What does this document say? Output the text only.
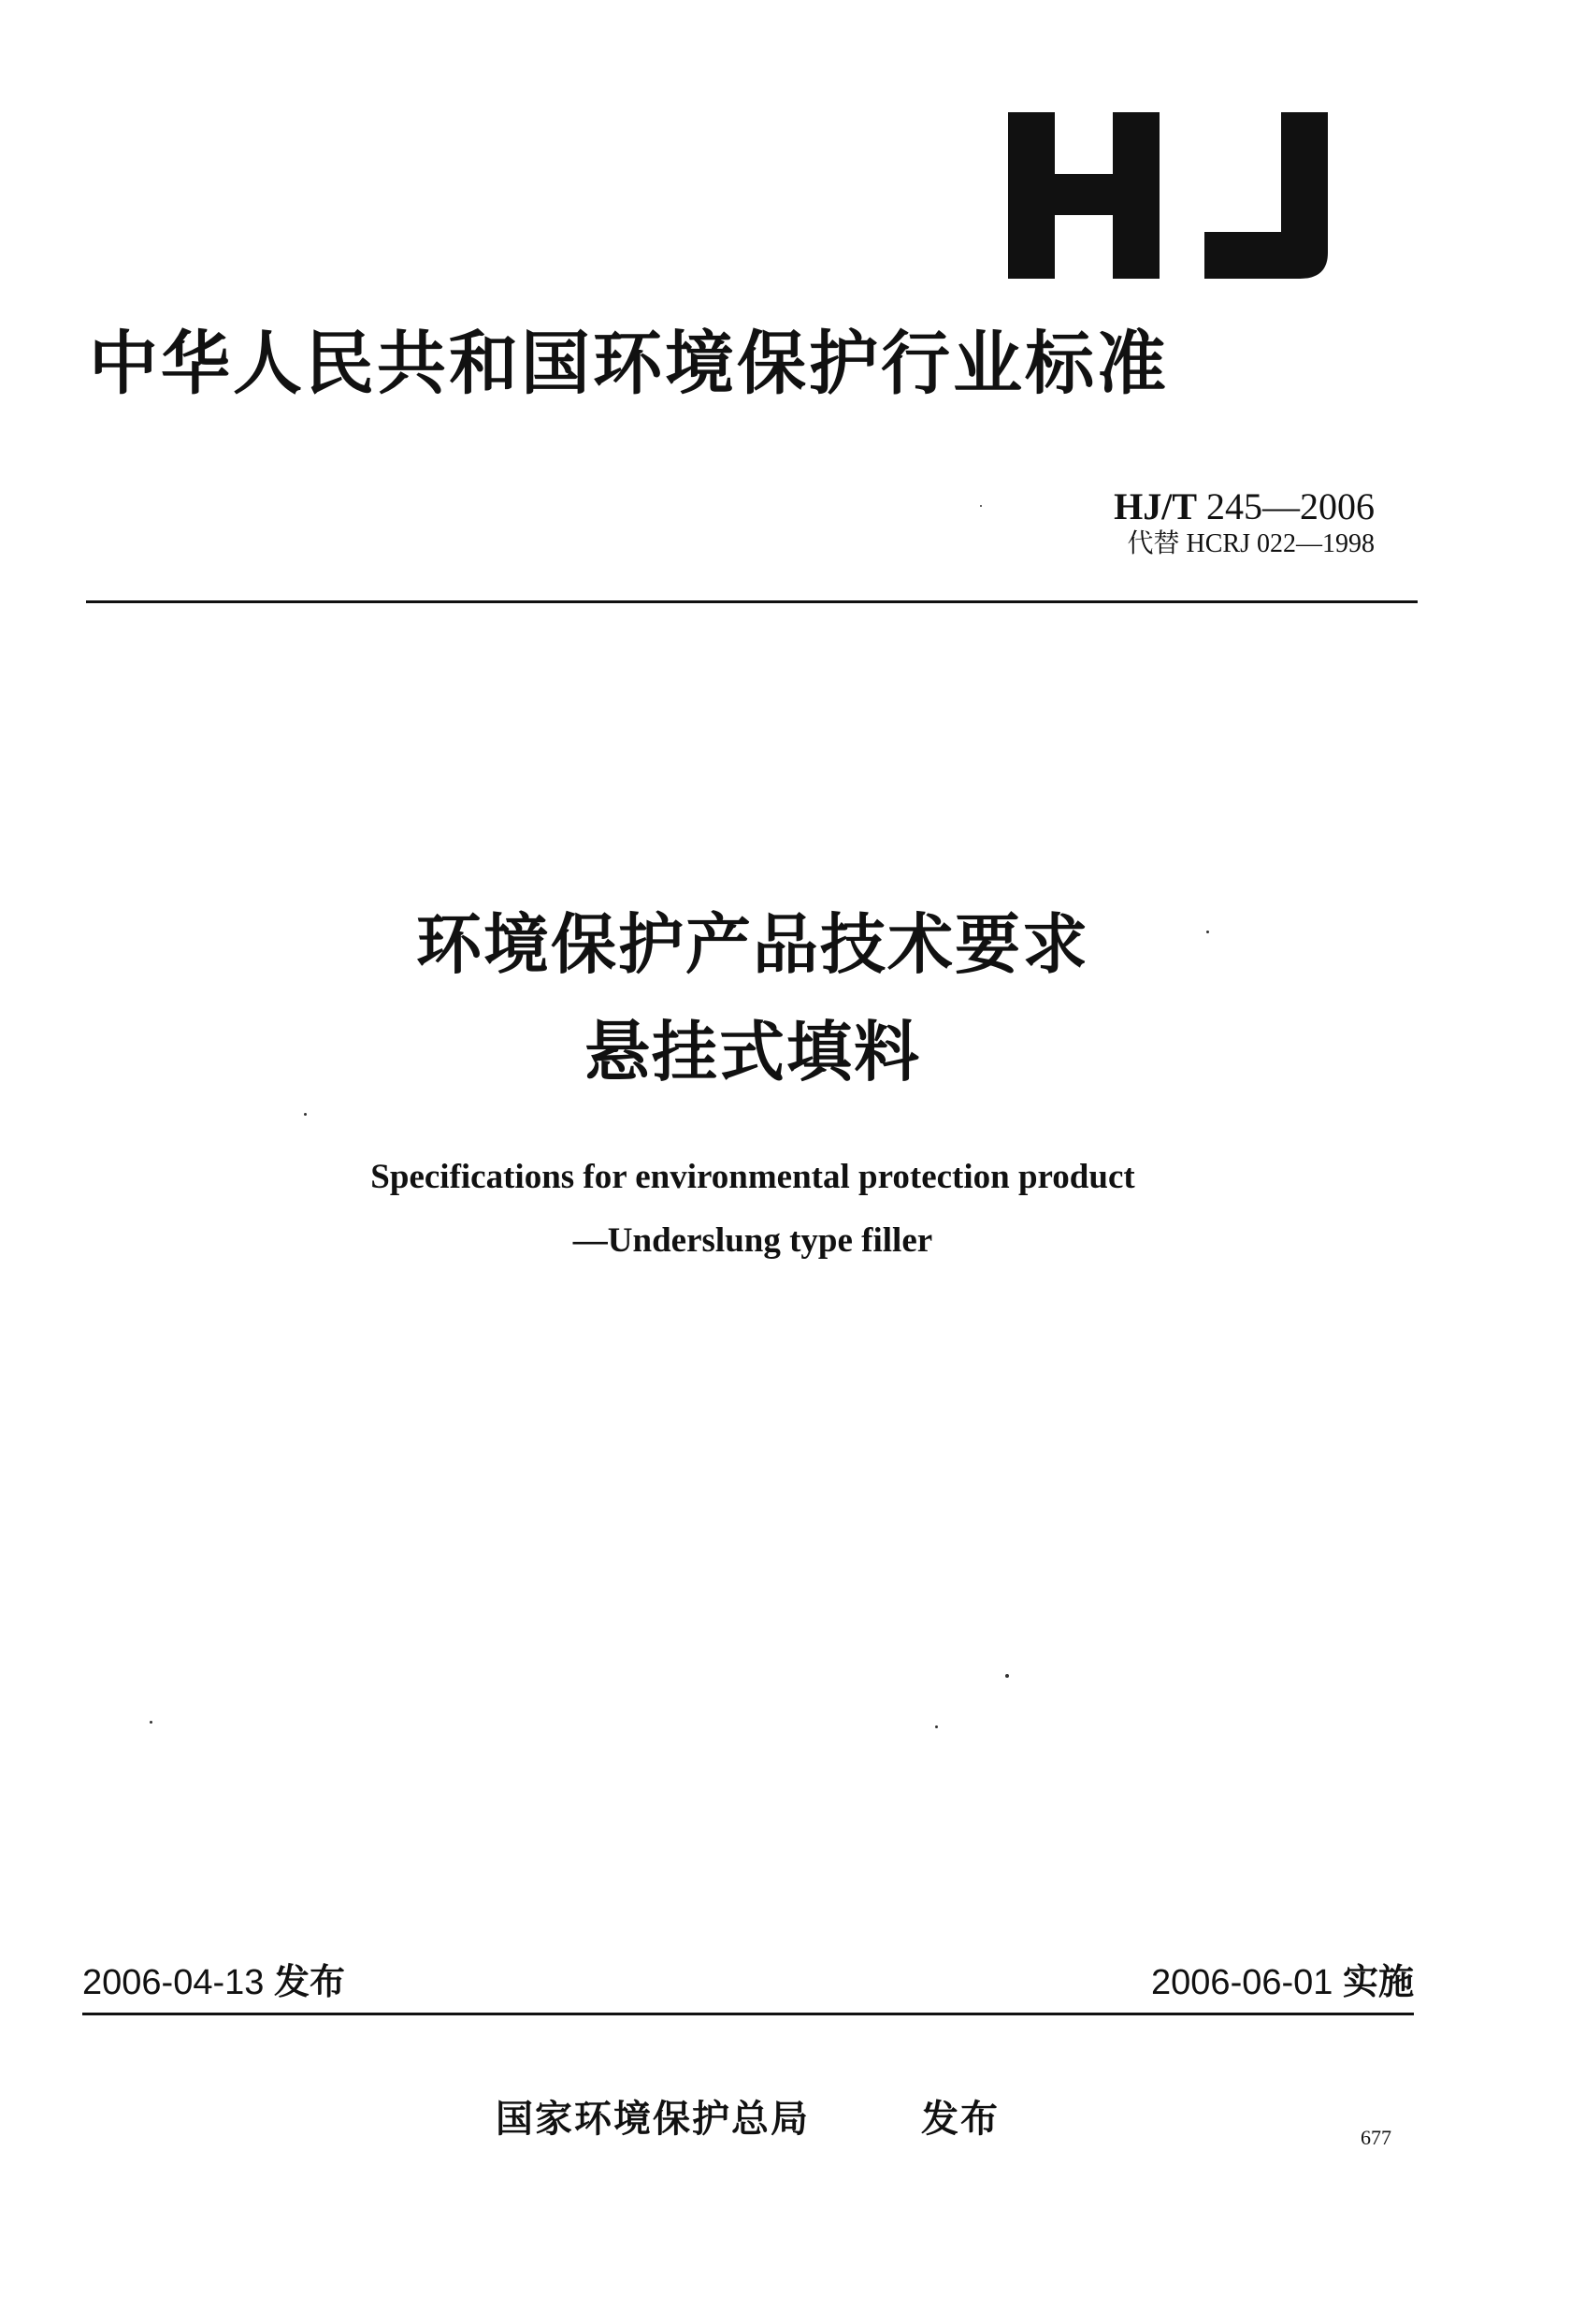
中华人民共和国环境保护行业标准
HJ/T 245—2006
代替 HCRJ 022—1998
环境保护产品技术要求
悬挂式填料
Specifications for environmental protection product
—Underslung type filler
2006-04-13 发布	2006-06-01 实施
国家环境保护总局	发布	677
